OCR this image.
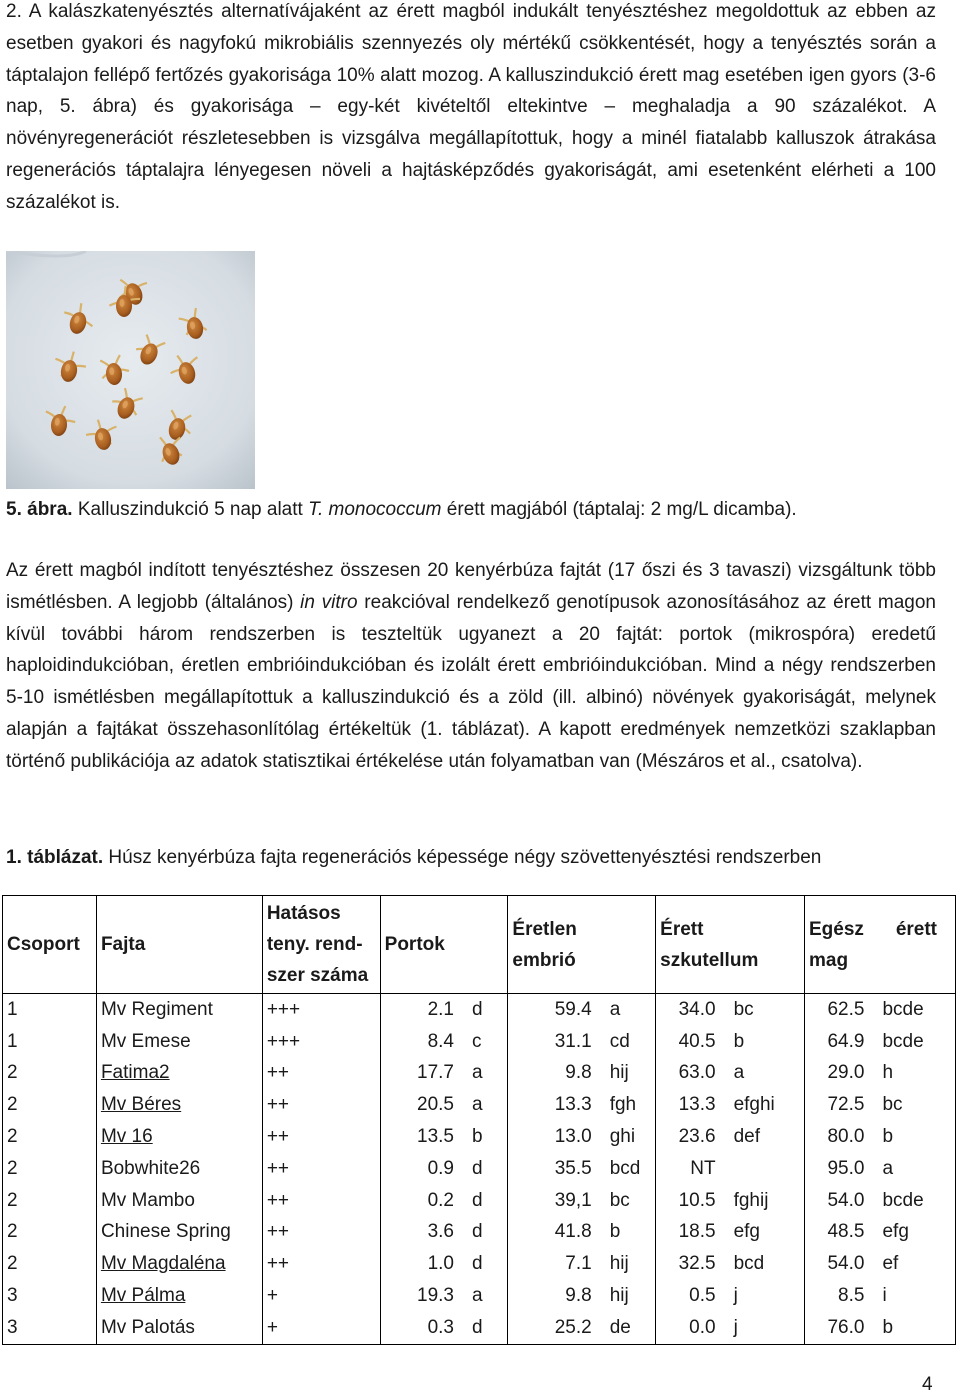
2. A kalászkatenyésztés alternatívájaként az érett magból indukált tenyésztéshez megoldottuk az ebben az esetben gyakori és nagyfokú mikrobiális szennyezés oly mértékű csökkentését, hogy a tenyésztés során a táptalajon fellépő fertőzés gyakorisága 10% alatt mozog. A kalluszindukció érett mag esetében igen gyors (3-6 nap, 5. ábra) és gyakorisága – egy-két kivételtől eltekintve – meghaladja a 90 százalékot. A növényregenerációt részletesebben is vizsgálva megállapítottuk, hogy a minél fiatalabb kalluszok átrakása regenerációs táptalajra lényegesen növeli a hajtásképződés gyakoriságát, ami esetenként elérheti a 100 százalékot is.

5. ábra. Kalluszindukció 5 nap alatt T. monococcum érett magjából (táptalaj: 2 mg/L dicamba).

Az érett magból indított tenyésztéshez összesen 20 kenyérbúza fajtát (17 őszi és 3 tavaszi) vizsgáltunk több ismétlésben. A legjobb (általános) in vitro reakcióval rendelkező genotípusok azonosításához az érett magon kívül további három rendszerben is teszteltük ugyanezt a 20 fajtát: portok (mikrospóra) eredetű haploidindukcióban, éretlen embrióindukcióban és izolált érett embrióindukcióban. Mind a négy rendszerben 5-10 ismétlésben megállapítottuk a kalluszindukció és a zöld (ill. albinó) növények gyakoriságát, melynek alapján a fajtákat összehasonlítólag értékeltük (1. táblázat). A kapott eredmények nemzetközi szaklapban történő publikációja az adatok statisztikai értékelése után folyamatban van (Mészáros et al., csatolva).

1. táblázat. Húsz kenyérbúza fajta regenerációs képessége négy szövettenyésztési rendszerben

Csoport	Fajta	Hatásos teny. rend-szer száma	Portok		Éretlen embrió		Érett szkutellum		Egész érett mag	
1	Mv Regiment	+++	2.1	d	59.4	a	34.0	bc	62.5	bcde
1	Mv Emese	+++	8.4	c	31.1	cd	40.5	b	64.9	bcde
2	Fatima2	++	17.7	a	9.8	hij	63.0	a	29.0	h
2	Mv Béres	++	20.5	a	13.3	fgh	13.3	efghi	72.5	bc
2	Mv 16	++	13.5	b	13.0	ghi	23.6	def	80.0	b
2	Bobwhite26	++	0.9	d	35.5	bcd	NT		95.0	a
2	Mv Mambo	++	0.2	d	39,1	bc	10.5	fghij	54.0	bcde
2	Chinese Spring	++	3.6	d	41.8	b	18.5	efg	48.5	efg
2	Mv Magdaléna	++	1.0	d	7.1	hij	32.5	bcd	54.0	ef
3	Mv Pálma	+	19.3	a	9.8	hij	0.5	j	8.5	i
3	Mv Palotás	+	0.3	d	25.2	de	0.0	j	76.0	b
4
